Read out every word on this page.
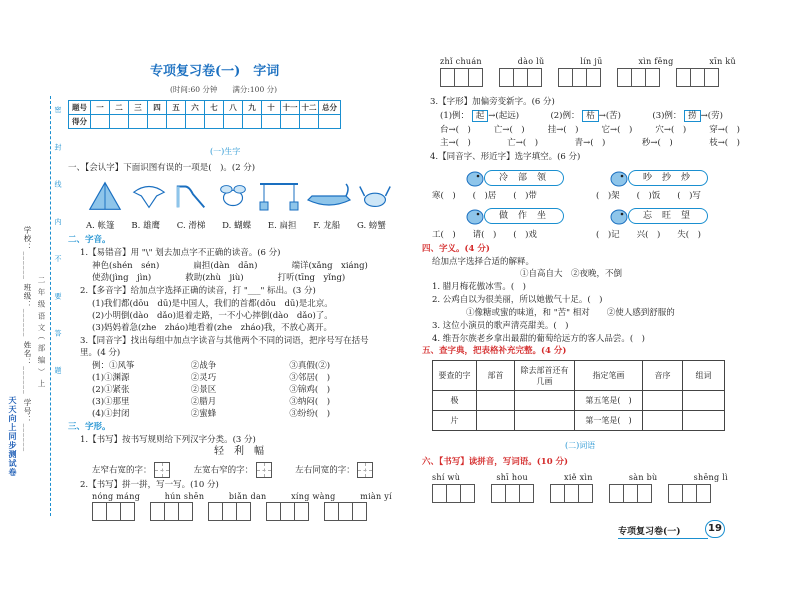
天天向上同步测试卷 学校：______ 班级：______ 姓名：______ 学号：______ 二 年 级 语 文（ 部 编 ） 上 密 封 线 内 不 要 答 题
专项复习卷(一)　字词
(时间:60 分钟　　满分:100 分)
题号	一	二	三	四	五	六	七	八	九	十	十一	十二	总分
得分													
(一)生字
一、【会认字】下面识图有误的一项是(　)。(2 分)
A. 帐篷 B. 雄鹰 C. 滑梯 D. 蝴蝶 E. 扁担 F. 龙船 G. 螃蟹
二、字音。
1.【易错音】用 "\" 划去加点字不正确的读音。(6 分)
神色(shén　sén)　　　　扁担(dàn　dān)　　　　端详(xǎng　xiáng)
使劲(jìng　jìn)　　　　救助(zhù　jiù)　　　　打听(tīng　yǐng)
2.【多音字】给加点字选择正确的读音，打 "___" 标出。(3 分)
(1)我们都(dōu　dū)是中国人，我们的首都(dōu　dū)是北京。
(2)小明倒(dào　dǎo)退着走路，一不小心摔倒(dào　dǎo)了。
(3)妈妈着急(zhe　zháo)地看着(zhe　zháo)我，不放心离开。
3.【同音字】找出每组中加点字读音与其他两个不同的词语，把序号写在括号
里。(4 分)
例：①风筝	②战争	③真假(②)
(1)①渊源	②灵巧	③邻居(　)
(2)①紧张	②景区	③锦鸡(　)
(3)①那里	②腊月	③纳闷(　)
(4)①封闭	②蜜蜂	③纷纷(　)
三、字形。
1.【书写】按书写规则给下列汉字分类。(3 分)
轻　利　幅
左窄右宽的字：	左宽右窄的字：	左右同宽的字：
2.【书写】拼一拼，写一写。(10 分)
nóng máng	hún shēn	biǎn dan	xíng wàng	miàn yí
zhǐ chuán	dào lǔ	lín jū	xìn fēng	xīn kǔ
3.【字形】加偏旁变新字。(6 分)
(1)例： 起 →(起远)	(2)例： 枯 →(苦)	(3)例： 捞 →(劳)
台→(　)	亡→(　)	挂→(　)	它→(　)	穴→(　)	穿→(　)
主→(　)	亡→(　)	青→(　)	秒→(　)	枝→(　)
4.【同音字、形近字】选字填空。(6 分)
冷部领	吵抄炒
寒(　)　　(　)居　　(　)带	(　)架　　(　)饭　　(　)写
做作坐	忘旺望
工(　)　　请(　)　　(　)戏	(　)记　　兴(　)　　失(　)
四、字义。(4 分)
给加点字选择合适的解释。
①自高自大　②夜晚，不倒
1. 腊月梅花傲冰雪。(　)
2. 公鸡自以为很美丽，所以她傲气十足。(　)
①像糖或蜜的味道，和 "苦" 相对　　②使人感到舒服的
3. 这位小演员的歌声清亮甜美。(　)
4. 维吾尔族老乡拿出最甜的葡萄给远方的客人品尝。(　)
五、查字典，把表格补充完整。(4 分)
要查的字	部首	除去部首还有几画	指定笔画	音序	组词
极			第五笔是(　)		
片			第一笔是(　)		
(二)词语
六、【书写】读拼音，写词语。(10 分)
shí wù	shī hou	xiě xìn	sàn bù	shēng lì
专项复习卷(一)	19
